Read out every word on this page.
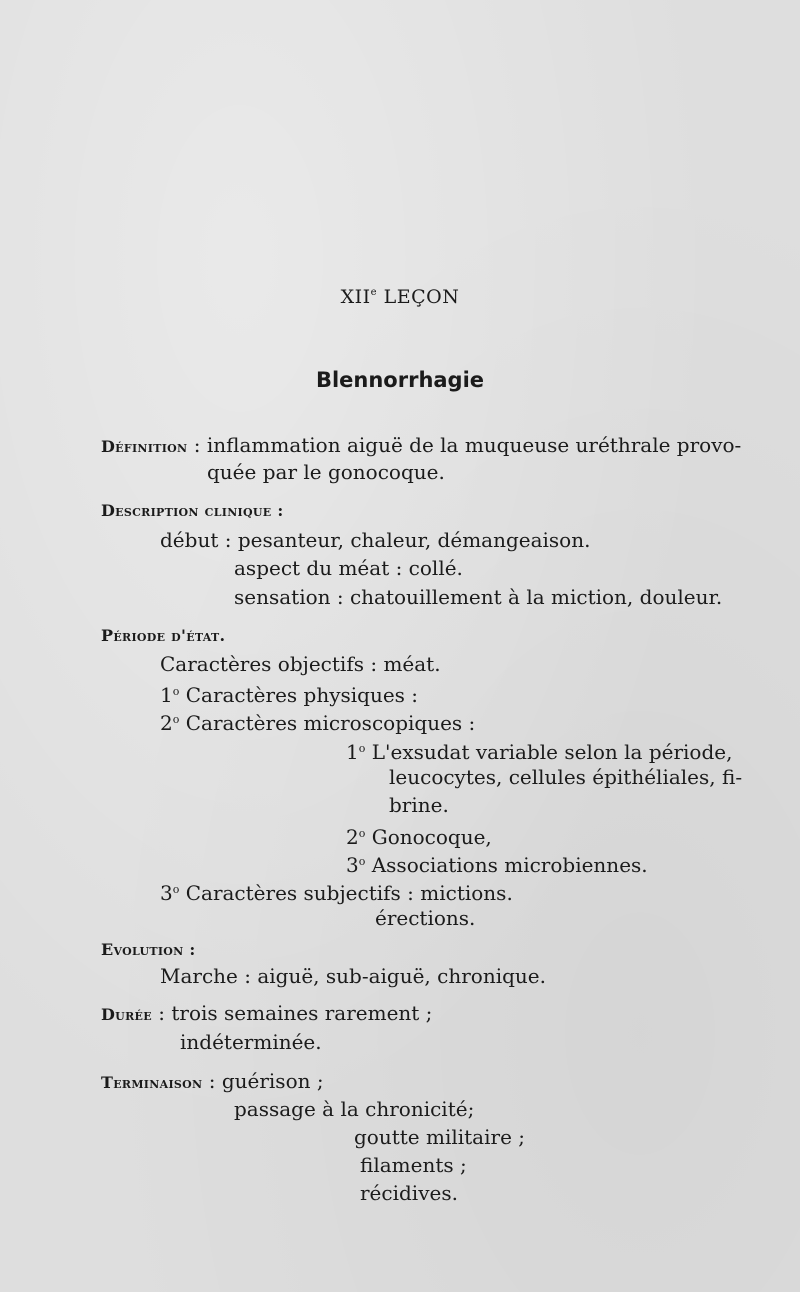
XIIe LEÇON
Blennorrhagie
Définition : inflammation aiguë de la muqueuse uréthrale provo-
quée par le gonocoque.
Description clinique :
début : pesanteur, chaleur, démangeaison.
aspect du méat : collé.
sensation : chatouillement à la miction, douleur.
Période d'état.
Caractères objectifs : méat.
1$^o$ Caractères physiques :
2$^o$ Caractères microscopiques :
1$^o$ L'exsudat variable selon la période,
leucocytes, cellules épithéliales, fi-
brine.
2$^o$ Gonocoque,
3$^o$ Associations microbiennes.
3$^o$ Caractères subjectifs : mictions.
érections.
Evolution :
Marche : aiguë, sub-aiguë, chronique.
Durée : trois semaines rarement ;
indéterminée.
Terminaison : guérison ;
passage à la chronicité;
goutte militaire ;
filaments ;
récidives.
